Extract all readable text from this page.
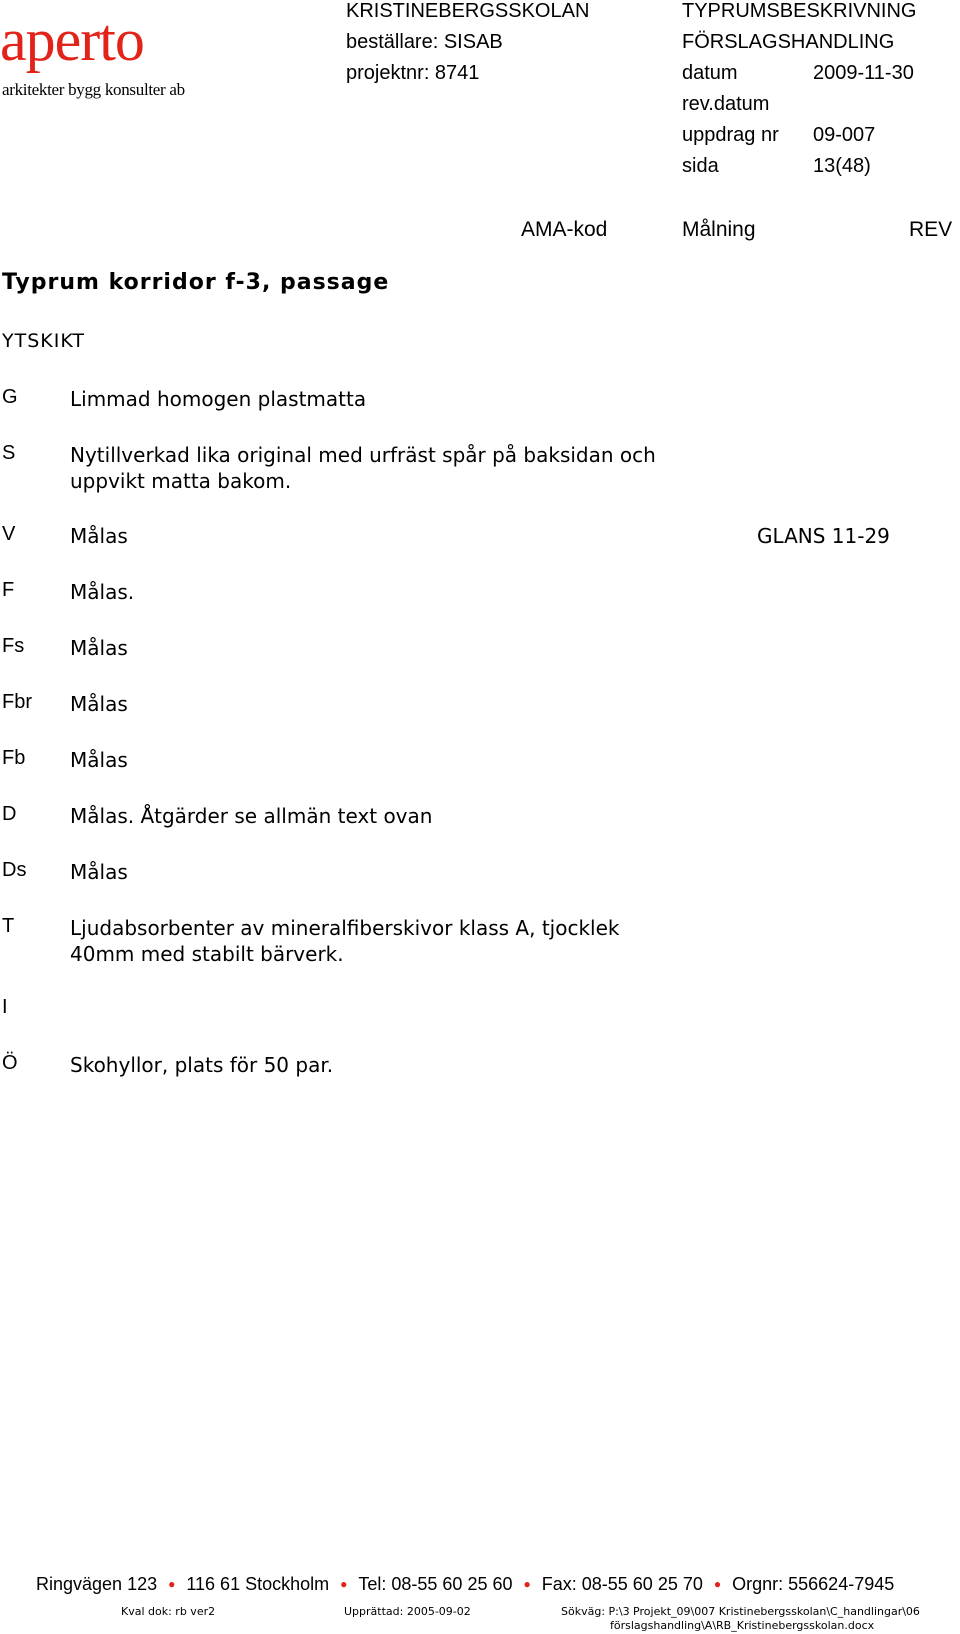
aperto
arkitekter bygg konsulter ab
KRISTINEBERGSSKOLAN
beställare: SISAB
projektnr: 8741
TYPRUMSBESKRIVNING
FÖRSLAGSHANDLING
datum	2009-11-30
rev.datum
uppdrag nr 09-007
sida	13(48)
AMA-kod	Målning	REV
Typrum korridor f-3, passage
YTSKIKT
G	Limmad homogen plastmatta
S	Nytillverkad lika original med urfräst spår på baksidan och uppvikt matta bakom.
V	Målas	GLANS 11-29
F	Målas.
Fs Målas
Fbr Målas
Fb Målas
D	Målas. Åtgärder se allmän text ovan
Ds Målas
T	Ljudabsorbenter av mineralfiberskivor klass A, tjocklek 40mm med stabilt bärverk.
I
Ö	Skohyllor, plats för 50 par.
Ringvägen 123 ● 116 61 Stockholm ● Tel: 08-55 60 25 60 ● Fax: 08-55 60 25 70 ● Orgnr: 556624-7945
Kval dok: rb ver2	Upprättad: 2005-09-02	Sökväg: P:\3 Projekt_09\007 Kristinebergsskolan\C_handlingar\06
förslagshandling\A\RB_Kristinebergsskolan.docx
